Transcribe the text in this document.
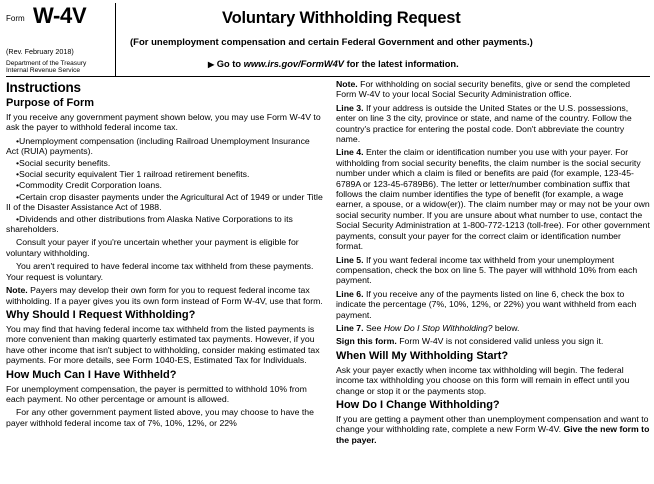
Form W-4V
(Rev. February 2018)
Department of the Treasury
Internal Revenue Service
Voluntary Withholding Request
(For unemployment compensation and certain Federal Government and other payments.)
▶ Go to www.irs.gov/FormW4V for the latest information.
Instructions
Purpose of Form

If you receive any government payment shown below, you may use Form W-4V to ask the payer to withhold federal income tax.

•Unemployment compensation (including Railroad Unemployment Insurance Act (RUIA) payments).

•Social security benefits.

•Social security equivalent Tier 1 railroad retirement benefits.

•Commodity Credit Corporation loans.

•Certain crop disaster payments under the Agricultural Act of 1949 or under Title II of the Disaster Assistance Act of 1988.

•Dividends and other distributions from Alaska Native Corporations to its shareholders.

Consult your payer if you're uncertain whether your payment is eligible for voluntary withholding.

You aren't required to have federal income tax withheld from these payments. Your request is voluntary.

Note. Payers may develop their own form for you to request federal income tax withholding. If a payer gives you its own form instead of Form W-4V, use that form.

Why Should I Request Withholding?

You may find that having federal income tax withheld from the listed payments is more convenient than making quarterly estimated tax payments. However, if you have other income that isn't subject to withholding, consider making estimated tax payments. For more details, see Form 1040-ES, Estimated Tax for Individuals.

How Much Can I Have Withheld?

For unemployment compensation, the payer is permitted to withhold 10% from each payment. No other percentage or amount is allowed.

For any other government payment listed above, you may choose to have the payer withhold federal income tax of 7%, 10%, 12%, or 22%

Note. For withholding on social security benefits, give or send the completed Form W-4V to your local Social Security Administration office.

Line 3. If your address is outside the United States or the U.S. possessions, enter on line 3 the city, province or state, and name of the country. Follow the country's practice for entering the postal code. Don't abbreviate the country name.

Line 4. Enter the claim or identification number you use with your payer. For withholding from social security benefits, the claim number is the social security number under which a claim is filed or benefits are paid (for example, 123-45-6789A or 123-45-6789B6). The letter or letter/number combination suffix that follows the claim number identifies the type of benefit (for example, a wage earner, a spouse, or a widow(er)). The claim number may or may not be your own social security number. If you are unsure about what number to use, contact the Social Security Administration at 1-800-772-1213 (toll-free). For other government payments, consult your payer for the correct claim or identification number format.

Line 5. If you want federal income tax withheld from your unemployment compensation, check the box on line 5. The payer will withhold 10% from each payment.

Line 6. If you receive any of the payments listed on line 6, check the box to indicate the percentage (7%, 10%, 12%, or 22%) you want withheld from each payment.

Line 7. See How Do I Stop Withholding? below.

Sign this form. Form W-4V is not considered valid unless you sign it.

When Will My Withholding Start?

Ask your payer exactly when income tax withholding will begin. The federal income tax withholding you choose on this form will remain in effect until you change or stop it or the payments stop.

How Do I Change Withholding?

If you are getting a payment other than unemployment compensation and want to change your withholding rate, complete a new Form W-4V. Give the new form to the payer.
